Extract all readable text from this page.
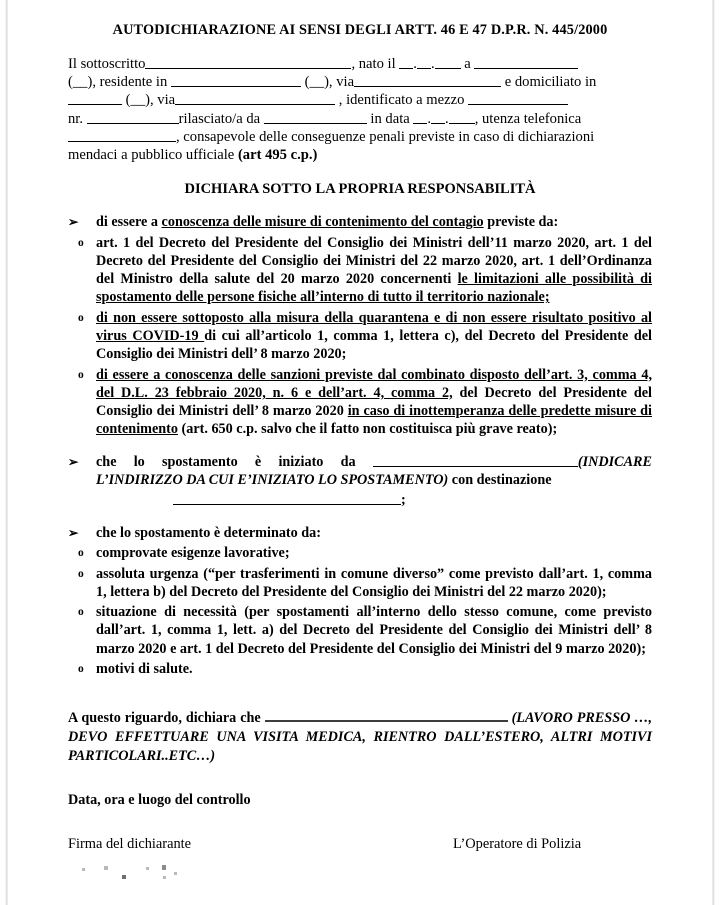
AUTODICHIARAZIONE AI SENSI DEGLI ARTT. 46 E 47 D.P.R. N. 445/2000

Il sottoscritto	, nato il . . a

(__), residente in	(__), via	e domiciliato in

(__), via	, identificato a mezzo

nr.	rilasciato/a da	in data . . , utenza telefonica

, consapevole delle conseguenze penali previste in caso di dichiarazioni

mendaci a pubblico ufficiale (art 495 c.p.)

DICHIARA SOTTO LA PROPRIA RESPONSABILITÀ
➢	di essere a conoscenza delle misure di contenimento del contagio previste da:
o art. 1 del Decreto del Presidente del Consiglio dei Ministri dell’11 marzo 2020, art. 1 del Decreto del Presidente del Consiglio dei Ministri del 22 marzo 2020, art. 1 dell’Ordinanza del Ministro della salute del 20 marzo 2020 concernenti le limitazioni alle possibilità di spostamento delle persone fisiche all’interno di tutto il territorio nazionale;
o di non essere sottoposto alla misura della quarantena e di non essere risultato positivo al virus COVID-19 di cui all’articolo 1, comma 1, lettera c), del Decreto del Presidente del Consiglio dei Ministri dell’ 8 marzo 2020;
o di essere a conoscenza delle sanzioni previste dal combinato disposto dell’art. 3, comma 4, del D.L. 23 febbraio 2020, n. 6 e dell’art. 4, comma 2, del Decreto del Presidente del Consiglio dei Ministri dell’ 8 marzo 2020 in caso di inottemperanza delle predette misure di contenimento (art. 650 c.p. salvo che il fatto non costituisca più grave reato);
➢	che lo spostamento è iniziato da	(INDICARE L’INDIRIZZO DA CUI E’INIZIATO LO SPOSTAMENTO) con destinazione
;
➢	che lo spostamento è determinato da:
o comprovate esigenze lavorative;
o assoluta urgenza (“per trasferimenti in comune diverso” come previsto dall’art. 1, comma 1, lettera b) del Decreto del Presidente del Consiglio dei Ministri del 22 marzo 2020);
o situazione di necessità (per spostamenti all’interno dello stesso comune, come previsto dall’art. 1, comma 1, lett. a) del Decreto del Presidente del Consiglio dei Ministri dell’ 8 marzo 2020 e art. 1 del Decreto del Presidente del Consiglio dei Ministri del 9 marzo 2020);
o motivi di salute.
A questo riguardo, dichiara che	(LAVORO PRESSO …, DEVO EFFETTUARE UNA VISITA MEDICA, RIENTRO DALL’ESTERO, ALTRI MOTIVI PARTICOLARI..ETC…)
Data, ora e luogo del controllo
Firma del dichiarante	L’Operatore di Polizia
